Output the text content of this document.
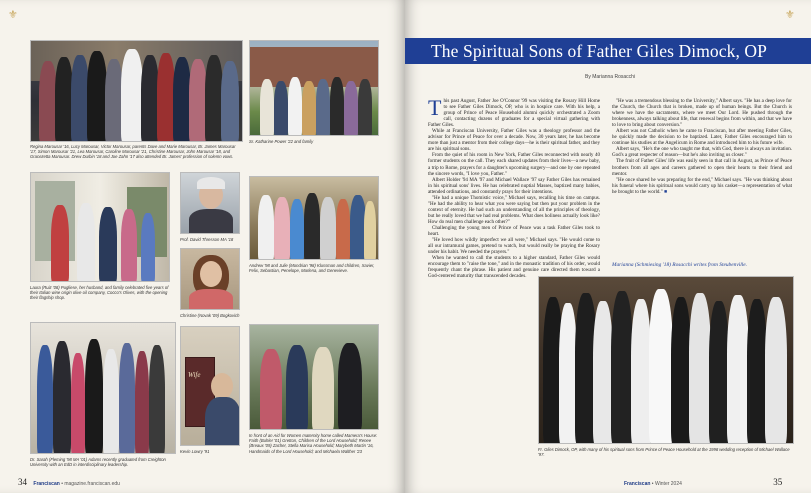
⚜
Regina Marousar '16, Lucy Marousar, Victor Marousar, parents Dave and Marie Marousar, Br. James Marousar '17, Simon Marousar '21, Lea Marousar, Caroline Marousar '21, Christine Marousar, John Marousar '18, and Gracezetta Marousar. Drew Durbin '18 and Joe Zahn '17 also attended Br. James' profession of solemn vows.
Sr. Katharine Power '22 and family
Laura (Ruiz '08) Pugliese, her husband, and family celebrated five years of their Italian wine origin olive oil company, Cocco's Olives, with the opening their flagship shop.
Prof. David Thresson MA '18
Christine (Novak '09) Bogkovich
Andrew '98 and Julie (Mondrian '98) Klussman and children, Xavier, Felix, Sebastian, Penelope, Marlena, and Genevieve.
Dr. Sarah (Fleming '98 MA '01) Adams recently graduated from Creighton University with an EdD in interdisciplinary leadership.
Wife
Kevin Lowry '91
In front of an Aid for Women maternity home called Mamera's House: Faith (Buhler '01) Gretton, Children of the Lord Household; Renee (Breaux '09) Zacher, Stella Marisa Household; Marybeth Martin '16, Handmaids of the Lord Household; and Michaela Walther '23
34 Franciscan • magazine.franciscan.edu
⚜
The Spiritual Sons of Father Giles Dimock, OP
By Marianna Rosacchi

This past August, Father Joe O'Connor '99 was visiting the Rosary Hill Home to see Father Giles Dimock, OP, who is in hospice care. With his help, a group of Prince of Peace Household alumni quickly orchestrated a Zoom call, contacting dozens of graduates for a special virtual gathering with Father Giles.

While at Franciscan University, Father Giles was a theology professor and the advisor for Prince of Peace for over a decade. Now, 30 years later, he has become more than just a mentor from their college days—he is their spiritual father, and they are his spiritual sons.

From the quiet of his room in New York, Father Giles reconnected with nearly 40 former students on the call. They each shared updates from their lives—a new baby, a trip to Rome, prayers for a daughter's upcoming surgery—and one by one repeated the sincere words, "I love you, Father."

Albert Holder '94 MA '97 and Michael Wallace '97 say Father Giles has remained in his spiritual sons' lives. He has celebrated nuptial Masses, baptized many babies, attended ordinations, and constantly prays for their intentions.

"He had a unique Thomistic voice," Michael says, recalling his time on campus. "He had the ability to hear what you were saying but then put your problem in the context of eternity. He had such an understanding of all the principles of theology, but he really loved that we had real problems. What does holiness actually look like? How do real men challenge each other?"

Challenging the young men of Prince of Peace was a task Father Giles took to heart.

"He loved how wildly imperfect we all were," Michael says. "He would come to all our intramural games, pretend to watch, but would really be praying the Rosary under his habit. We needed the prayers."

When he wanted to call the students to a higher standard, Father Giles would encourage them to "raise the tone," and in the monastic tradition of his order, would frequently chant the phrase. His patient and genuine care directed them toward a God-centered maturity that transcended decades.

"He was a tremendous blessing to the University," Albert says. "He has a deep love for the Church, the Church that is broken, made up of human beings. But the Church is where we have the sacraments, where we meet Our Lord. He pushed through the brokenness, always talking about life, that renewal begins from within, and that we have to love to bring about conversion."

Albert was not Catholic when he came to Franciscan, but after meeting Father Giles, he quickly made the decision to be baptized. Later, Father Giles encouraged him to continue his studies at the Angelicum in Rome and introduced him to his future wife.

Albert says, "He's the one who taught me that, with God, there is always an invitation. God's a great respecter of reason—but he's also inviting us closer."

The fruit of Father Giles' life was easily seen in that call in August, as Prince of Peace brothers from all ages and careers gathered to open their hearts to their friend and mentor.

"He once shared he was preparing for the end," Michael says. "He was thinking about his funeral where his spiritual sons would carry up his casket—a representation of what he brought to the world." ■

Marianna (Schmiesing '18) Rosacchi writes from Steubenville.
Fr. Giles Dimock, OP, with many of his spiritual sons from Prince of Peace Household at the 1998 wedding reception of Michael Wallace '97.
Franciscan • Winter 2024	35
